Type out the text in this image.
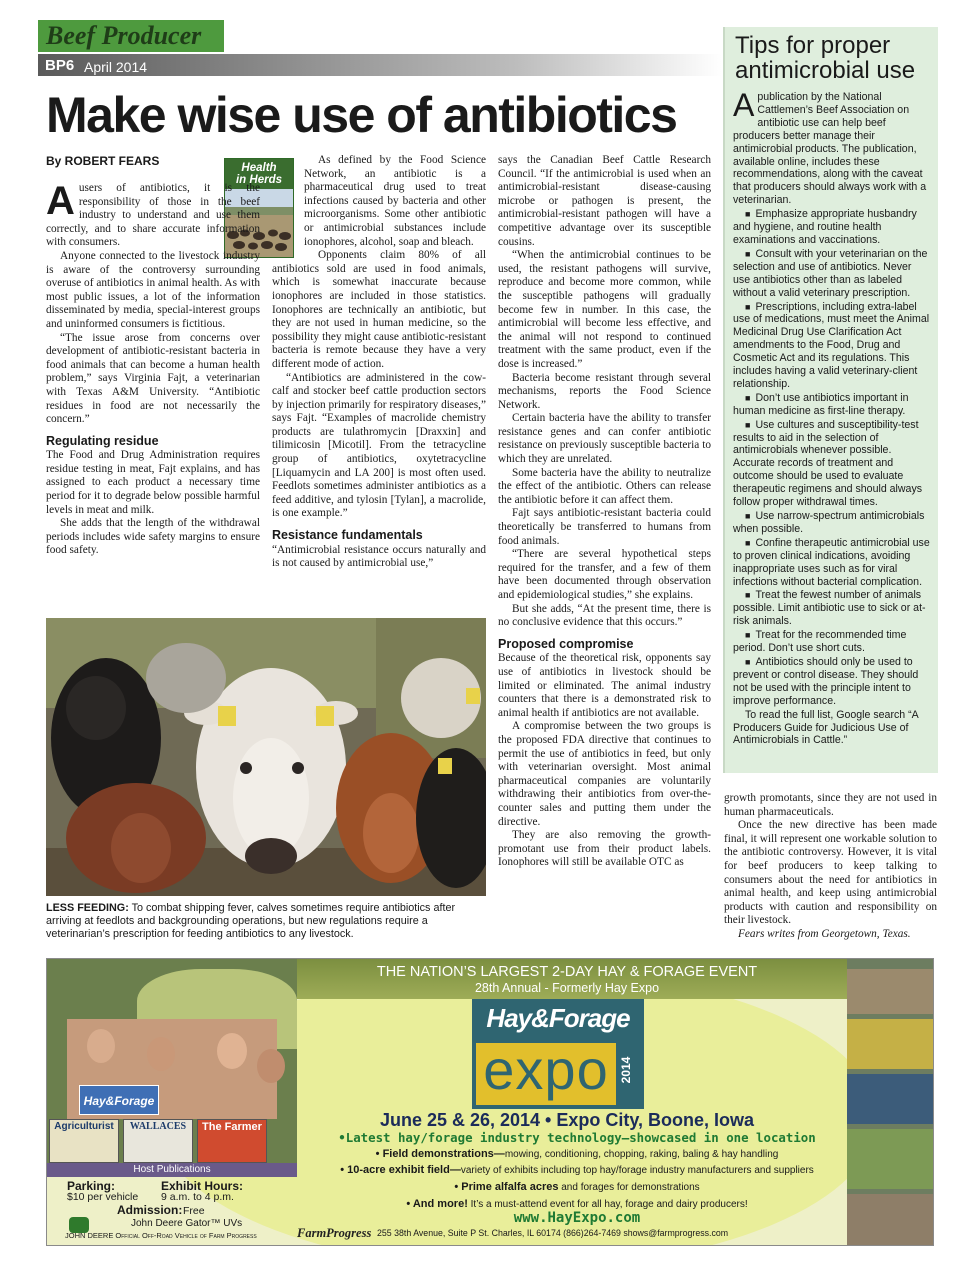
Beef Producer
BP6 April 2014
Make wise use of antibiotics
By ROBERT FEARS	Health
in Herds
A users of antibiotics, it is the responsibility of those in the beef industry to understand and use them correctly, and to share accurate information with consumers.

Anyone connected to the livestock industry is aware of the controversy surrounding overuse of antibiotics in animal health. As with most public issues, a lot of the information disseminated by media, special-interest groups and uninformed consumers is fictitious.

“The issue arose from concerns over development of antibiotic-resistant bacteria in food animals that can become a human health problem,” says Virginia Fajt, a veterinarian with Texas A&M University. “Antibiotic residues in food are not necessarily the concern.”

Regulating residue

The Food and Drug Administration requires residue testing in meat, Fajt explains, and has assigned to each product a necessary time period for it to degrade below possible harmful levels in meat and milk.

She adds that the length of the withdrawal periods includes wide safety margins to ensure food safety.

As defined by the Food Science Network, an antibiotic is a pharmaceutical drug used to treat infections caused by bacteria and other microorganisms. Some other antibiotic or antimicrobial substances include ionophores, alcohol, soap and bleach.

Opponents claim 80% of all antibiotics sold are used in food animals, which is somewhat inaccurate because ionophores are included in those statistics. Ionophores are technically an antibiotic, but they are not used in human medicine, so the possibility they might cause antibiotic-resistant bacteria is remote because they have a very different mode of action.

“Antibiotics are administered in the cow-calf and stocker beef cattle production sectors by injection primarily for respiratory diseases,” says Fajt. “Examples of macrolide chemistry products are tulathromycin [Draxxin] and tilimicosin [Micotil]. From the tetracycline group of antibiotics, oxytetracycline [Liquamycin and LA 200] is most often used. Feedlots sometimes administer antibiotics as a feed additive, and tylosin [Tylan], a macrolide, is one example.”

Resistance fundamentals

“Antimicrobial resistance occurs naturally and is not caused by antimicrobial use,”

says the Canadian Beef Cattle Research Council. “If the antimicrobial is used when an antimicrobial-resistant disease-causing microbe or pathogen is present, the antimicrobial-resistant pathogen will have a competitive advantage over its susceptible cousins.

“When the antimicrobial continues to be used, the resistant pathogens will survive, reproduce and become more common, while the susceptible pathogens will gradually become few in number. In this case, the antimicrobial will become less effective, and the animal will not respond to continued treatment with the same product, even if the dose is increased.”

Bacteria become resistant through several mechanisms, reports the Food Science Network.

Certain bacteria have the ability to transfer resistance genes and can confer antibiotic resistance on previously susceptible bacteria to which they are unrelated.

Some bacteria have the ability to neutralize the effect of the antibiotic. Others can release the antibiotic before it can affect them.

Fajt says antibiotic-resistant bacteria could theoretically be transferred to humans from food animals.

“There are several hypothetical steps required for the transfer, and a few of them have been documented through observation and epidemiological studies,” she explains.

But she adds, “At the present time, there is no conclusive evidence that this occurs.”

Proposed compromise

Because of the theoretical risk, opponents say use of antibiotics in livestock should be limited or eliminated. The animal industry counters that there is a demonstrated risk to animal health if antibiotics are not available.

A compromise between the two groups is the proposed FDA directive that continues to permit the use of antibiotics in feed, but only with veterinarian oversight. Most animal pharmaceutical companies are voluntarily withdrawing their antibiotics from over-the-counter sales and putting them under the directive.

They are also removing the growth-promotant use from their product labels. Ionophores will still be available OTC as

growth promotants, since they are not used in human pharmaceuticals.

Once the new directive has been made final, it will represent one workable solution to the antibiotic controversy. However, it is vital for beef producers to keep talking to consumers about the need for antibiotics in animal health, and keep using antimicrobial products with caution and responsibility on their livestock.

Fears writes from Georgetown, Texas.

LESS FEEDING: To combat shipping fever, calves sometimes require antibiotics after arriving at feedlots and backgrounding operations, but new regulations require a veterinarian’s prescription for feeding antibiotics to any livestock.
Tips for proper antimicrobial use

Apublication by the National Cattlemen’s Beef Association on antibiotic use can help beef producers better manage their antimicrobial products. The publication, available online, includes these recommendations, along with the caveat that producers should always work with a veterinarian.

■ Emphasize appropriate husbandry and hygiene, and routine health examinations and vaccinations.

■ Consult with your veterinarian on the selection and use of antibiotics. Never use antibiotics other than as labeled without a valid veterinary prescription.

■ Prescriptions, including extra-label use of medications, must meet the Animal Medicinal Drug Use Clarification Act amendments to the Food, Drug and Cosmetic Act and its regulations. This includes having a valid veterinary-client relationship.

■ Don’t use antibiotics important in human medicine as first-line therapy.

■ Use cultures and susceptibility-test results to aid in the selection of antimicrobials whenever possible. Accurate records of treatment and outcome should be used to evaluate therapeutic regimens and should always follow proper withdrawal times.

■ Use narrow-spectrum antimicrobials when possible.

■ Confine therapeutic antimicrobial use to proven clinical indications, avoiding inappropriate uses such as for viral infections without bacterial complication.

■ Treat the fewest number of animals possible. Limit antibiotic use to sick or at-risk animals.

■ Treat for the recommended time period. Don’t use short cuts.

■ Antibiotics should only be used to prevent or control disease. They should not be used with the principle intent to improve performance.

To read the full list, Google search “A Producers Guide for Judicious Use of Antimicrobials in Cattle.”

THE NATION’S LARGEST 2-DAY HAY & FORAGE EVENT
28th Annual - Formerly Hay Expo
Hay&Forage
Agriculturist	WALLACES	The Farmer
Host Publications
Parking:
$10 per vehicle
Exhibit Hours:
9 a.m. to 4 p.m.
Admission: Free
John Deere Gator™ UVs
JOHN DEERE Official Off-Road Vehicle of Farm Progress
Hay&Forage
expo 2014
June 25 & 26, 2014 • Expo City, Boone, Iowa
•Latest hay/forage industry technology—showcased in one location
• Field demonstrations—mowing, conditioning, chopping, raking, baling & hay handling
• 10-acre exhibit field—variety of exhibits including top hay/forage industry manufacturers and suppliers
• Prime alfalfa acres and forages for demonstrations
• And more! It’s a must-attend event for all hay, forage and dairy producers!
www.HayExpo.com
FarmProgress 255 38th Avenue, Suite P St. Charles, IL 60174 (866)264-7469 shows@farmprogress.com
